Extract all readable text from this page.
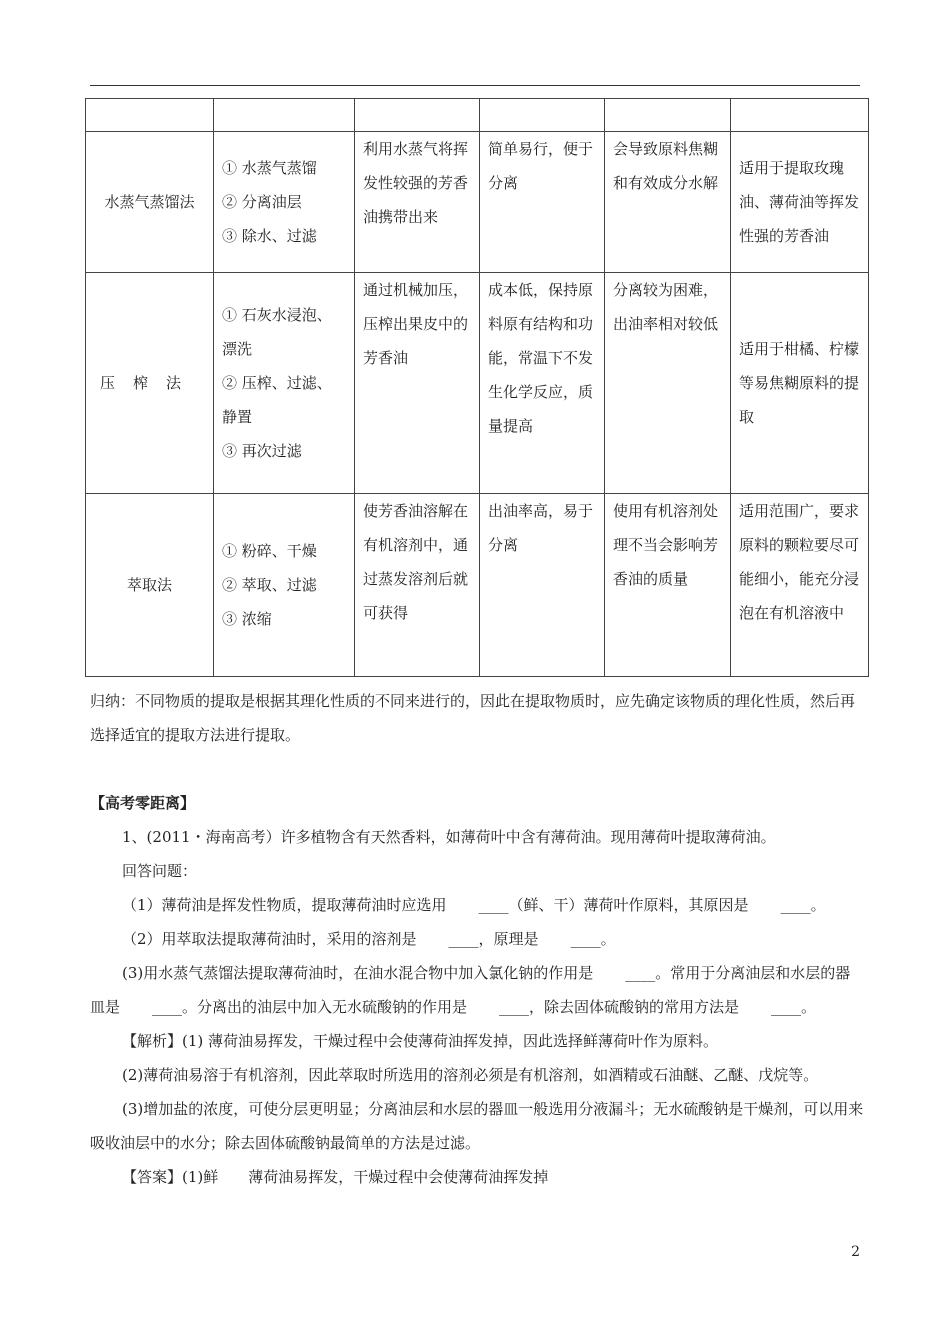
水蒸气蒸馏法	① 水蒸气蒸馏
② 分离油层
③ 除水、过滤	利用水蒸气将挥发性较强的芳香油携带出来	简单易行，便于分离	会导致原料焦糊和有效成分水解	适用于提取玫瑰油、薄荷油等挥发性强的芳香油
压榨法	① 石灰水浸泡、漂洗
② 压榨、过滤、静置
③ 再次过滤	通过机械加压，压榨出果皮中的芳香油	成本低，保持原料原有结构和功能，常温下不发生化学反应，质量提高	分离较为困难，出油率相对较低	适用于柑橘、柠檬等易焦糊原料的提取
萃取法	① 粉碎、干燥
② 萃取、过滤
③ 浓缩	使芳香油溶解在有机溶剂中，通过蒸发溶剂后就可获得	出油率高，易于分离	使用有机溶剂处理不当会影响芳香油的质量	适用范围广，要求原料的颗粒要尽可能细小，能充分浸泡在有机溶液中

归纳：不同物质的提取是根据其理化性质的不同来进行的，因此在提取物质时，应先确定该物质的理化性质，然后再选择适宜的提取方法进行提取。

【高考零距离】

1、(2011・海南高考）许多植物含有天然香料，如薄荷叶中含有薄荷油。现用薄荷叶提取薄荷油。

回答问题：

（1）薄荷油是挥发性物质，提取薄荷油时应选用 ____（鲜、干）薄荷叶作原料，其原因是 ____。

（2）用萃取法提取薄荷油时，采用的溶剂是 ____，原理是 ____。

(3)用水蒸气蒸馏法提取薄荷油时，在油水混合物中加入氯化钠的作用是 ____。常用于分离油层和水层的器皿是 ____。分离出的油层中加入无水硫酸钠的作用是 ____，除去固体硫酸钠的常用方法是 ____。

【解析】(1) 薄荷油易挥发，干燥过程中会使薄荷油挥发掉，因此选择鲜薄荷叶作为原料。

(2)薄荷油易溶于有机溶剂，因此萃取时所选用的溶剂必须是有机溶剂，如酒精或石油醚、乙醚、戊烷等。

(3)增加盐的浓度，可使分层更明显；分离油层和水层的器皿一般选用分液漏斗；无水硫酸钠是干燥剂，可以用来吸收油层中的水分；除去固体硫酸钠最简单的方法是过滤。

【答案】(1)鲜　　薄荷油易挥发，干燥过程中会使薄荷油挥发掉

2
